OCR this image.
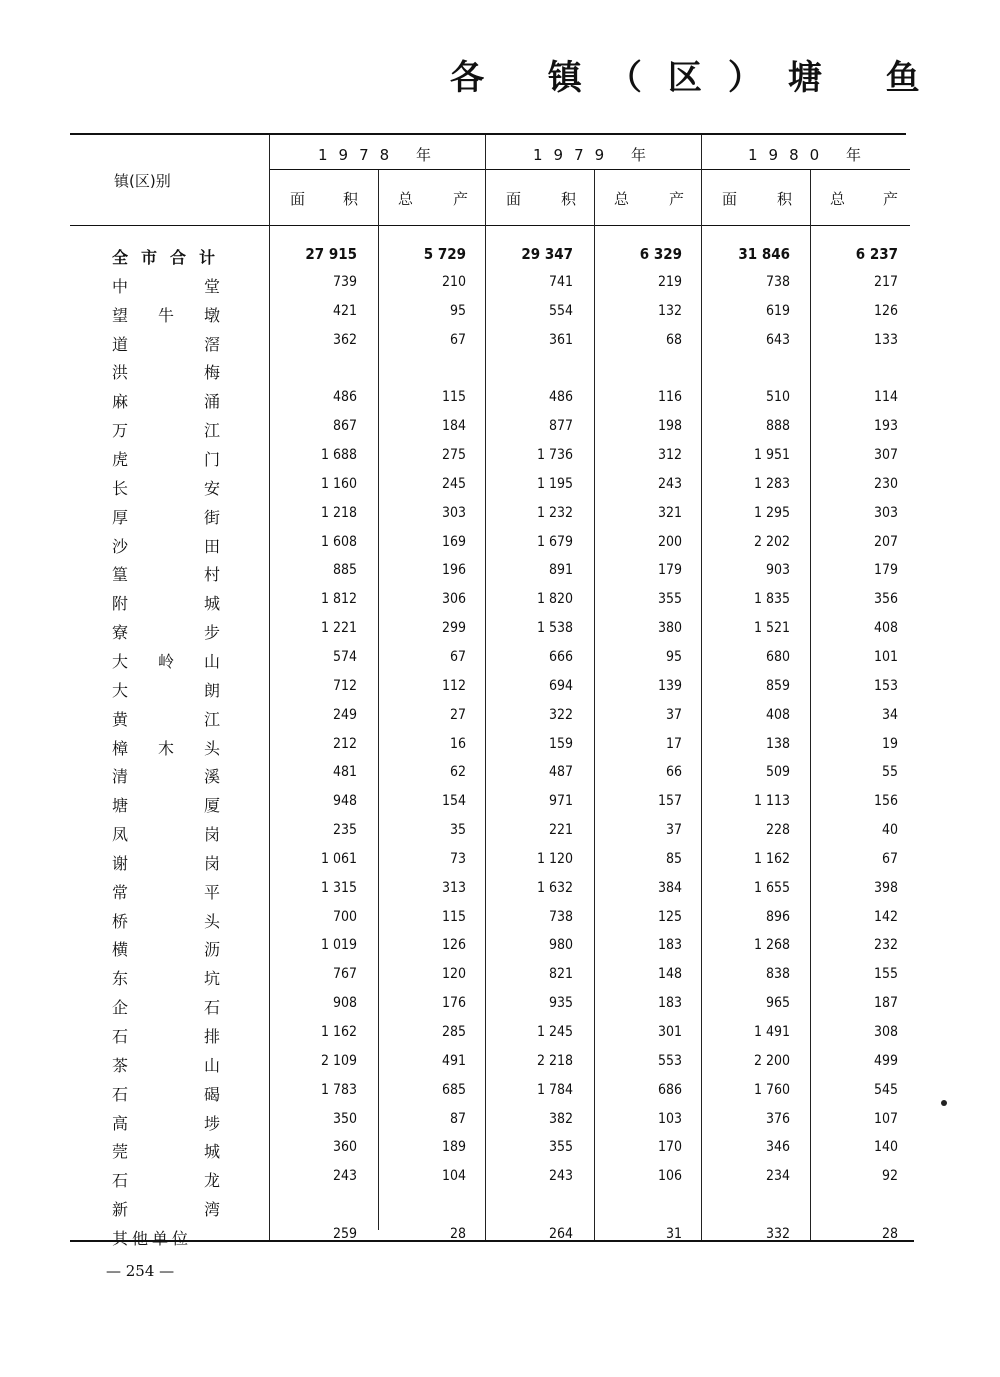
各 镇（区）塘 鱼
镇(区)别
1978 年	1979 年	1980 年
面	积	总	产	面	积	总	产	面	积	总	产
全市合计	27 915	5 729	29 347	6 329	31 846	6 237
中	堂	739	210	741	219	738	217
望 牛 墩	421	95	554	132	619	126
道	滘	362	67	361	68	643	133
洪	梅
麻	涌	486	115	486	116	510	114
万	江	867	184	877	198	888	193
虎	门	1 688	275	1 736	312	1 951	307
长	安	1 160	245	1 195	243	1 283	230
厚	街	1 218	303	1 232	321	1 295	303
沙	田	1 608	169	1 679	200	2 202	207
篁	村	885	196	891	179	903	179
附	城	1 812	306	1 820	355	1 835	356
寮	步	1 221	299	1 538	380	1 521	408
大 岭 山	574	67	666	95	680	101
大	朗	712	112	694	139	859	153
黄	江	249	27	322	37	408	34
樟 木 头	212	16	159	17	138	19
清	溪	481	62	487	66	509	55
塘	厦	948	154	971	157	1 113	156
凤	岗	235	35	221	37	228	40
谢	岗	1 061	73	1 120	85	1 162	67
常	平	1 315	313	1 632	384	1 655	398
桥	头	700	115	738	125	896	142
横	沥	1 019	126	980	183	1 268	232
东	坑	767	120	821	148	838	155
企	石	908	176	935	183	965	187
石	排	1 162	285	1 245	301	1 491	308
茶	山	2 109	491	2 218	553	2 200	499
石	碣	1 783	685	1 784	686	1 760	545
高	埗	350	87	382	103	376	107
莞	城	360	189	355	170	346	140
石	龙	243	104	243	106	234	92
新	湾
其他单位	259	28	264	31	332	28
— 254 —
